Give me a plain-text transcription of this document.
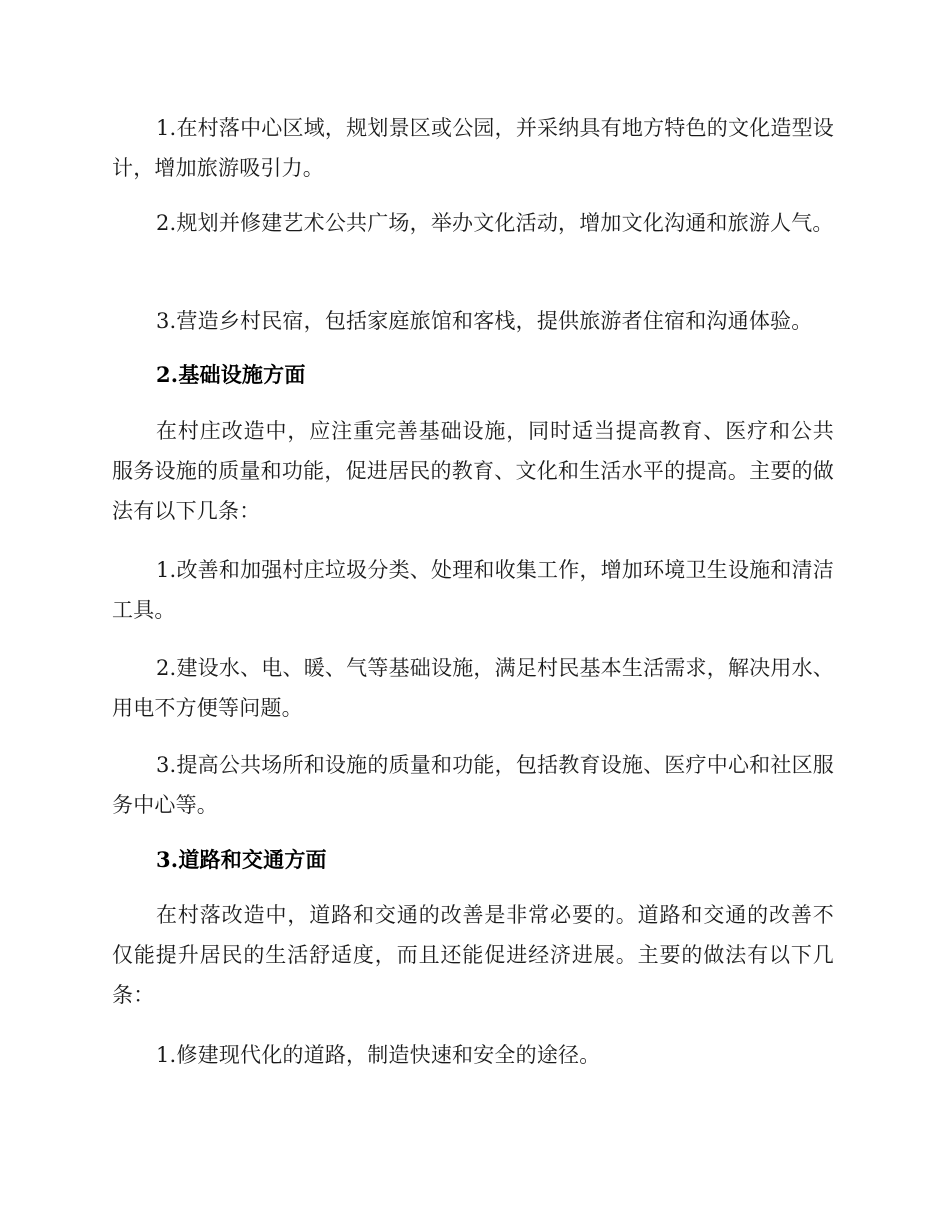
1.在村落中心区域，规划景区或公园，并采纳具有地方特色的文化造型设计，增加旅游吸引力。

2.规划并修建艺术公共广场，举办文化活动，增加文化沟通和旅游人气。

3.营造乡村民宿，包括家庭旅馆和客栈，提供旅游者住宿和沟通体验。

2.基础设施方面

在村庄改造中，应注重完善基础设施，同时适当提高教育、医疗和公共服务设施的质量和功能，促进居民的教育、文化和生活水平的提高。主要的做法有以下几条：

1.改善和加强村庄垃圾分类、处理和收集工作，增加环境卫生设施和清洁工具。

2.建设水、电、暖、气等基础设施，满足村民基本生活需求，解决用水、用电不方便等问题。

3.提高公共场所和设施的质量和功能，包括教育设施、医疗中心和社区服务中心等。

3.道路和交通方面

在村落改造中，道路和交通的改善是非常必要的。道路和交通的改善不仅能提升居民的生活舒适度，而且还能促进经济进展。主要的做法有以下几条：

1.修建现代化的道路，制造快速和安全的途径。
